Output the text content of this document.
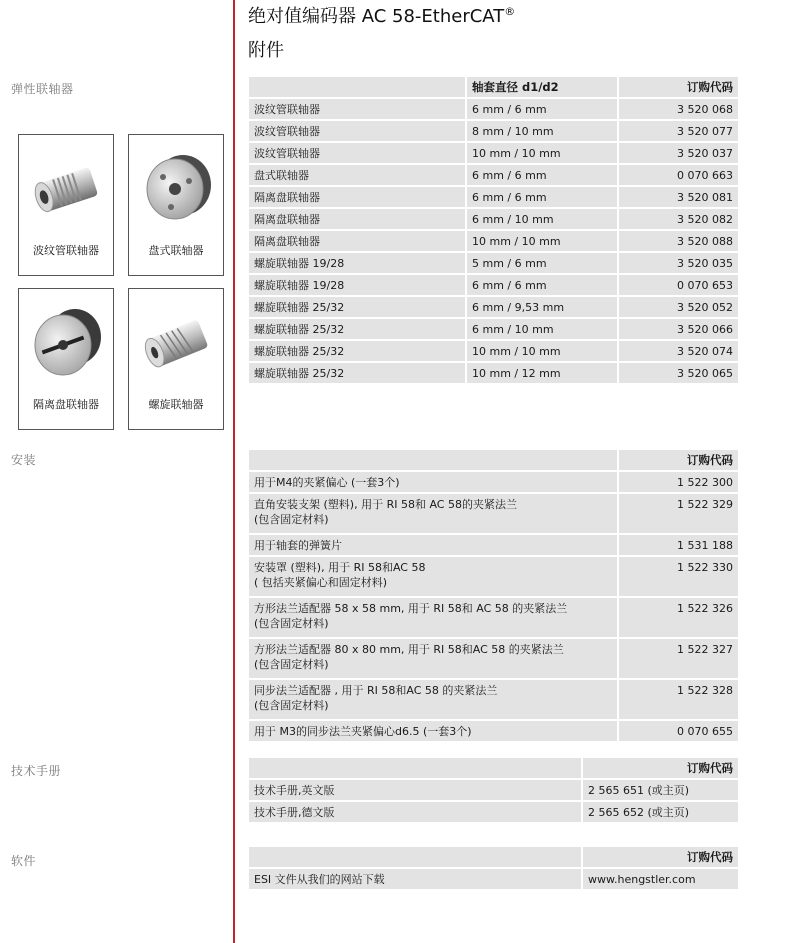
绝对值编码器 AC 58-EtherCAT®
附件
弹性联轴器
安装
技术手册
软件
波纹管联轴器	盘式联轴器
隔离盘联轴器	螺旋联轴器
	轴套直径 d1/d2	订购代码
波纹管联轴器	6 mm / 6 mm	3 520 068
波纹管联轴器	8 mm / 10 mm	3 520 077
波纹管联轴器	10 mm / 10 mm	3 520 037
盘式联轴器	6 mm / 6 mm	0 070 663
隔离盘联轴器	6 mm / 6 mm	3 520 081
隔离盘联轴器	6 mm / 10 mm	3 520 082
隔离盘联轴器	10 mm / 10 mm	3 520 088
螺旋联轴器 19/28	5 mm / 6 mm	3 520 035
螺旋联轴器 19/28	6 mm / 6 mm	0 070 653
螺旋联轴器 25/32	6 mm / 9,53 mm	3 520 052
螺旋联轴器 25/32	6 mm / 10 mm	3 520 066
螺旋联轴器 25/32	10 mm / 10 mm	3 520 074
螺旋联轴器 25/32	10 mm / 12 mm	3 520 065
	订购代码
用于M4的夹紧偏心 (一套3个)	1 522 300
直角安装支架 (塑料), 用于 RI 58和 AC 58的夹紧法兰
(包含固定材料)	1 522 329
用于轴套的弹簧片	1 531 188
安装罩 (塑料), 用于 RI 58和AC 58
( 包括夹紧偏心和固定材料)	1 522 330
方形法兰适配器 58 x 58 mm, 用于 RI 58和 AC 58 的夹紧法兰
(包含固定材料)	1 522 326
方形法兰适配器 80 x 80 mm, 用于 RI 58和AC 58 的夹紧法兰
(包含固定材料)	1 522 327
同步法兰适配器 , 用于 RI 58和AC 58 的夹紧法兰
(包含固定材料)	1 522 328
用于 M3的同步法兰夹紧偏心d6.5 (一套3个)	0 070 655
	订购代码
技术手册,英文版	2 565 651 (或主页)
技术手册,德文版	2 565 652 (或主页)
	订购代码
ESI 文件从我们的网站下载	www.hengstler.com
